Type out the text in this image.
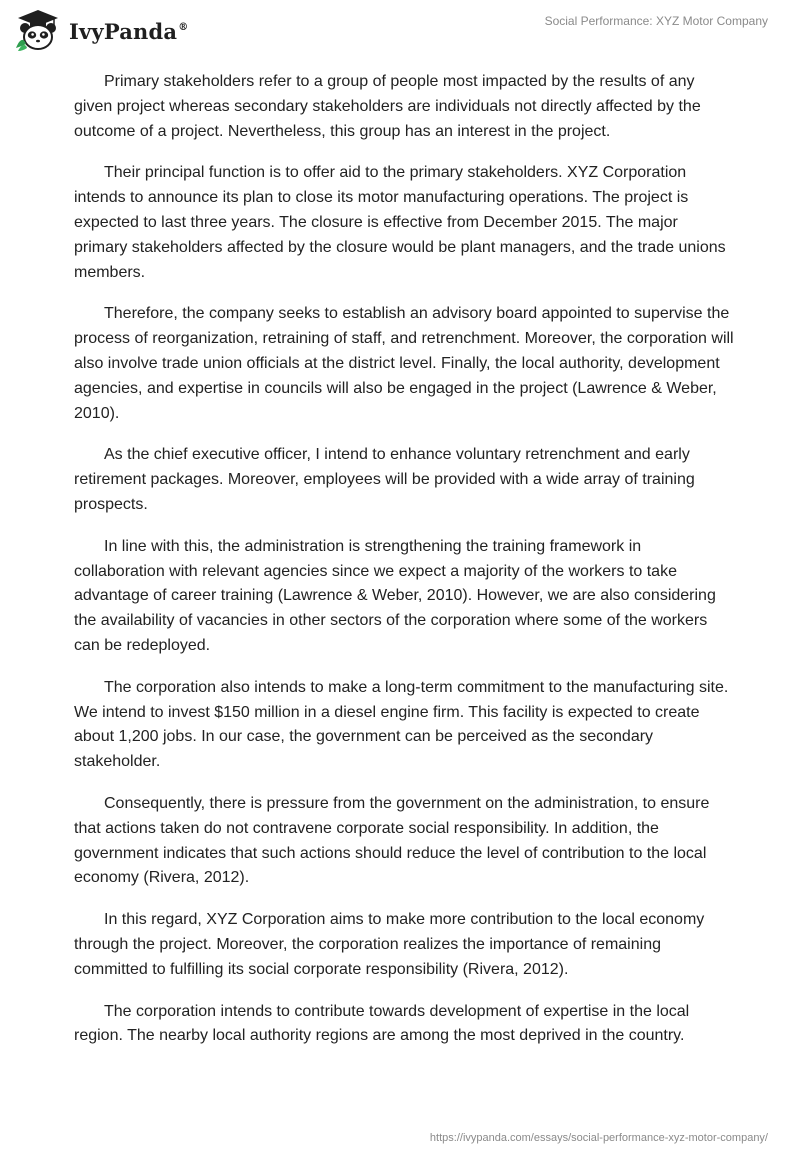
IvyPanda®	Social Performance: XYZ Motor Company

Primary stakeholders refer to a group of people most impacted by the results of any given project whereas secondary stakeholders are individuals not directly affected by the outcome of a project. Nevertheless, this group has an interest in the project.

Their principal function is to offer aid to the primary stakeholders. XYZ Corporation intends to announce its plan to close its motor manufacturing operations. The project is expected to last three years. The closure is effective from December 2015. The major primary stakeholders affected by the closure would be plant managers, and the trade unions members.

Therefore, the company seeks to establish an advisory board appointed to supervise the process of reorganization, retraining of staff, and retrenchment. Moreover, the corporation will also involve trade union officials at the district level. Finally, the local authority, development agencies, and expertise in councils will also be engaged in the project (Lawrence & Weber, 2010).

As the chief executive officer, I intend to enhance voluntary retrenchment and early retirement packages. Moreover, employees will be provided with a wide array of training prospects.

In line with this, the administration is strengthening the training framework in collaboration with relevant agencies since we expect a majority of the workers to take advantage of career training (Lawrence & Weber, 2010). However, we are also considering the availability of vacancies in other sectors of the corporation where some of the workers can be redeployed.

The corporation also intends to make a long-term commitment to the manufacturing site. We intend to invest $150 million in a diesel engine firm. This facility is expected to create about 1,200 jobs. In our case, the government can be perceived as the secondary stakeholder.

Consequently, there is pressure from the government on the administration, to ensure that actions taken do not contravene corporate social responsibility. In addition, the government indicates that such actions should reduce the level of contribution to the local economy (Rivera, 2012).

In this regard, XYZ Corporation aims to make more contribution to the local economy through the project. Moreover, the corporation realizes the importance of remaining committed to fulfilling its social corporate responsibility (Rivera, 2012).

The corporation intends to contribute towards development of expertise in the local region. The nearby local authority regions are among the most deprived in the country.

https://ivypanda.com/essays/social-performance-xyz-motor-company/
